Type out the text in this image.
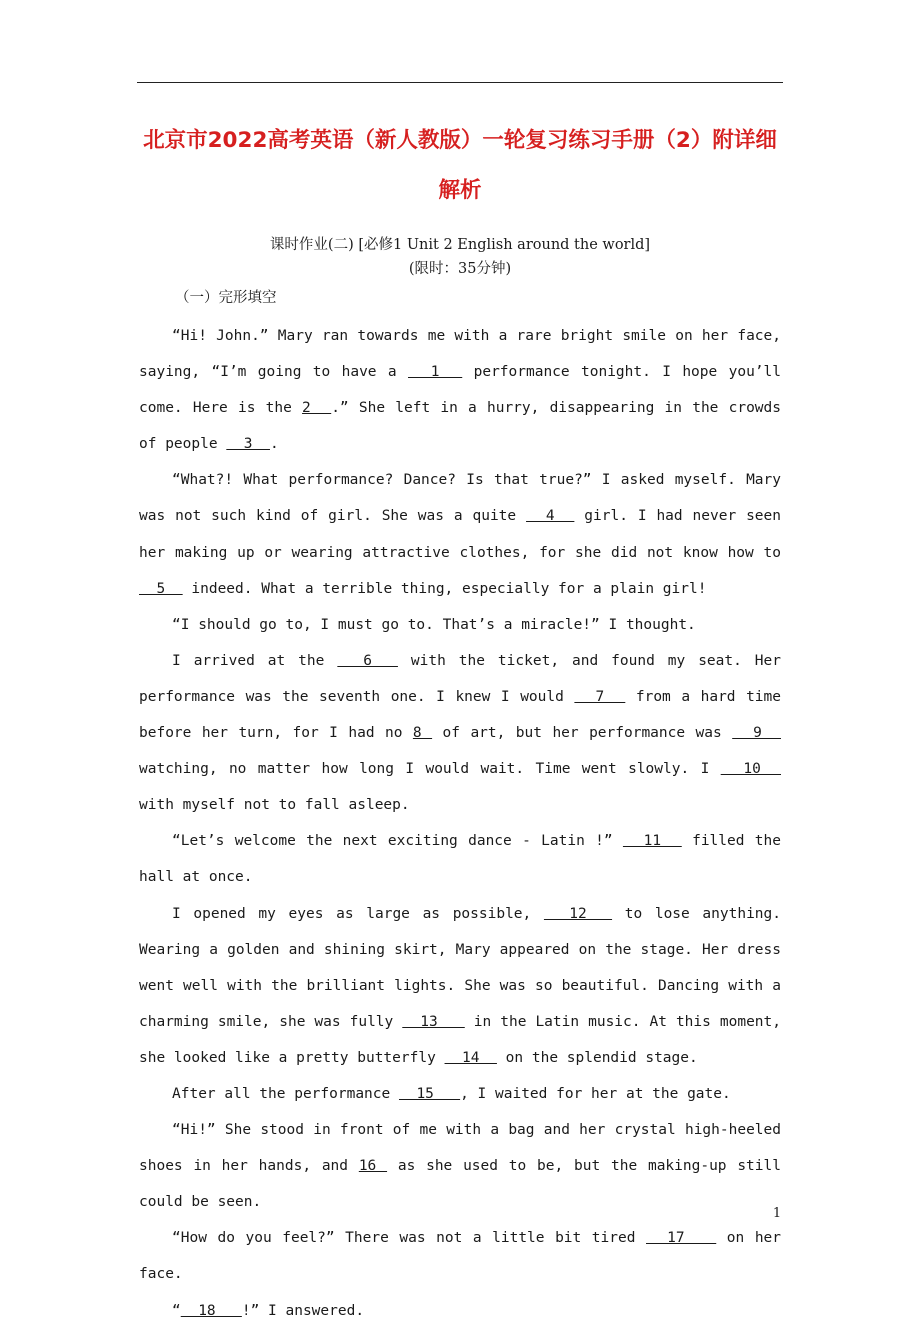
北京市2022高考英语（新人教版）一轮复习练习手册（2）附详细解析
课时作业(二) [必修1 Unit 2 English around the world]
(限时：35分钟)
（一）完形填空

“Hi! John.” Mary ran towards me with a rare bright smile on her face, saying, “I’m going to have a   1   performance tonight. I hope you’ll come. Here is the 2  .” She left in a hurry, disappearing in the crowds of people   3  .

“What?! What performance? Dance? Is that true?” I asked myself. Mary was not such kind of girl. She was a quite   4   girl. I had never seen her making up or wearing attractive clothes, for she did not know how to   5   indeed. What a terrible thing, especially for a plain girl!

“I should go to, I must go to. That’s a miracle!” I thought.

I arrived at the   6   with the ticket, and found my seat. Her performance was the seventh one. I knew I would   7   from a hard time before her turn, for I had no 8  of art, but her performance was   9   watching, no matter how long I would wait. Time went slowly. I   10   with myself not to fall asleep.

“Let’s welcome the next exciting dance - Latin !”   11   filled the hall at once.

I opened my eyes as large as possible,   12   to lose anything. Wearing a golden and shining skirt, Mary appeared on the stage. Her dress went well with the brilliant lights. She was so beautiful. Dancing with a charming smile, she was fully   13    in the Latin music. At this moment, she looked like a pretty butterfly   14   on the splendid stage.

After all the performance   15   , I waited for her at the gate.

“Hi!” She stood in front of me with a bag and her crystal high-heeled shoes in her hands, and 16  as she used to be, but the making-up still could be seen.

“How do you feel?” There was not a little bit tired   17    on her face.

“  18   !” I answered.

1
